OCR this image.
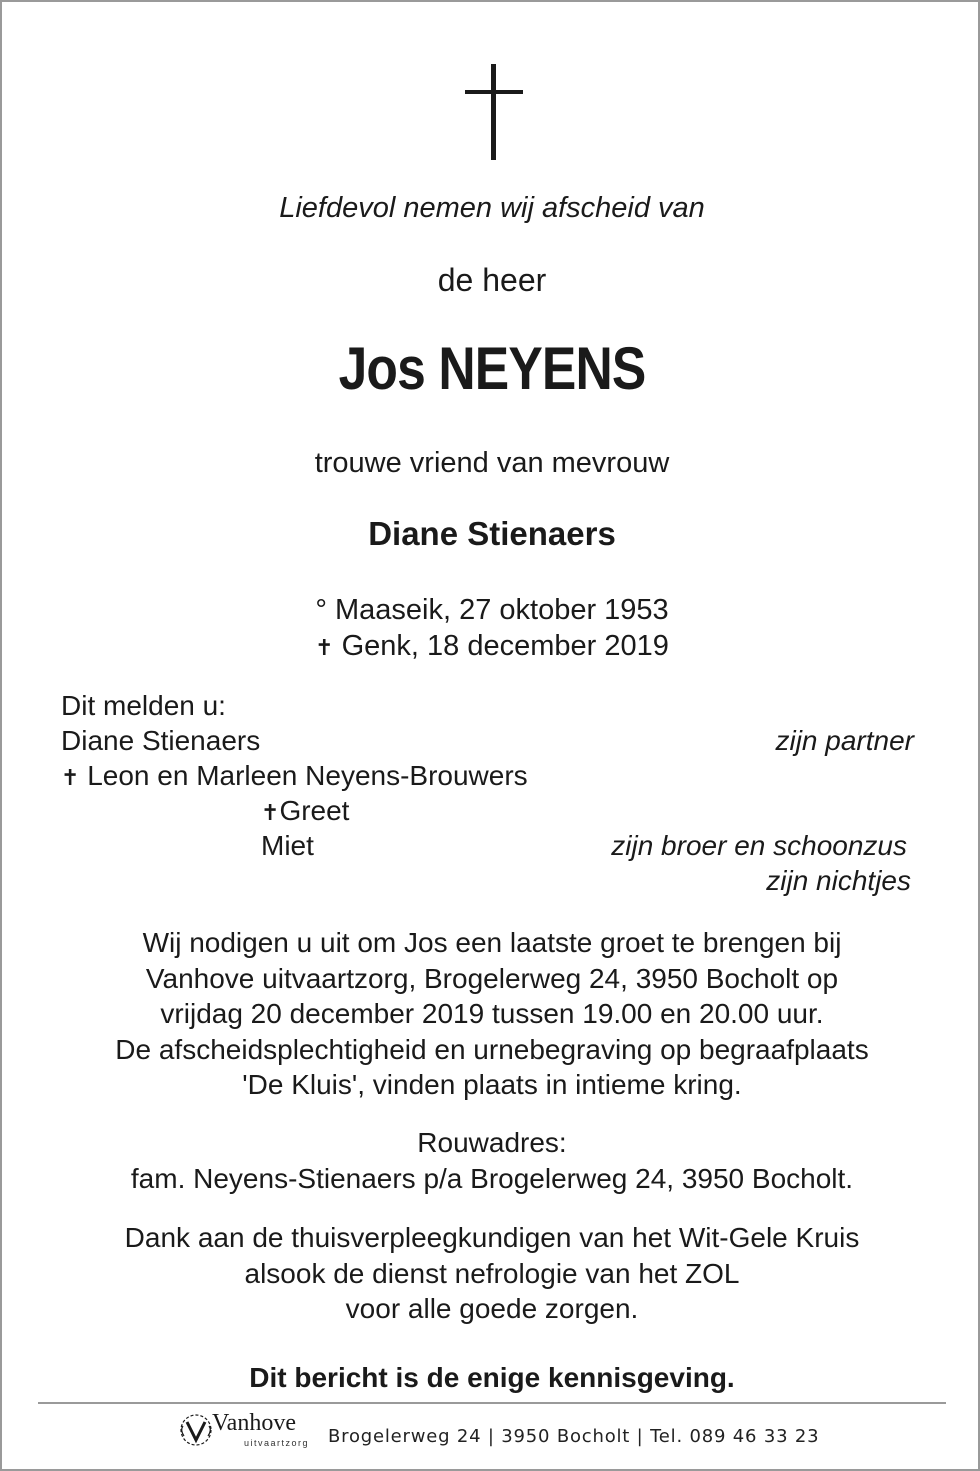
Liefdevol nemen wij afscheid van
de heer
Jos NEYENS
trouwe vriend van mevrouw
Diane Stienaers
° Maaseik, 27 oktober 1953
✝ Genk, 18 december 2019
Dit melden u:
Diane Stienaers	zijn partner
✝ Leon en Marleen Neyens-Brouwers
✝Greet
Miet	zijn broer en schoonzus
zijn nichtjes
Wij nodigen u uit om Jos een laatste groet te brengen bij
Vanhove uitvaartzorg, Brogelerweg 24, 3950 Bocholt op
vrijdag 20 december 2019 tussen 19.00 en 20.00 uur.
De afscheidsplechtigheid en urnebegraving op begraafplaats
'De Kluis', vinden plaats in intieme kring.
Rouwadres:
fam. Neyens-Stienaers p/a Brogelerweg 24, 3950 Bocholt.
Dank aan de thuisverpleegkundigen van het Wit-Gele Kruis
alsook de dienst nefrologie van het ZOL
voor alle goede zorgen.
Dit bericht is de enige kennisgeving.
Vanhove
uitvaartzorg Brogelerweg 24 | 3950 Bocholt | Tel. 089 46 33 23
